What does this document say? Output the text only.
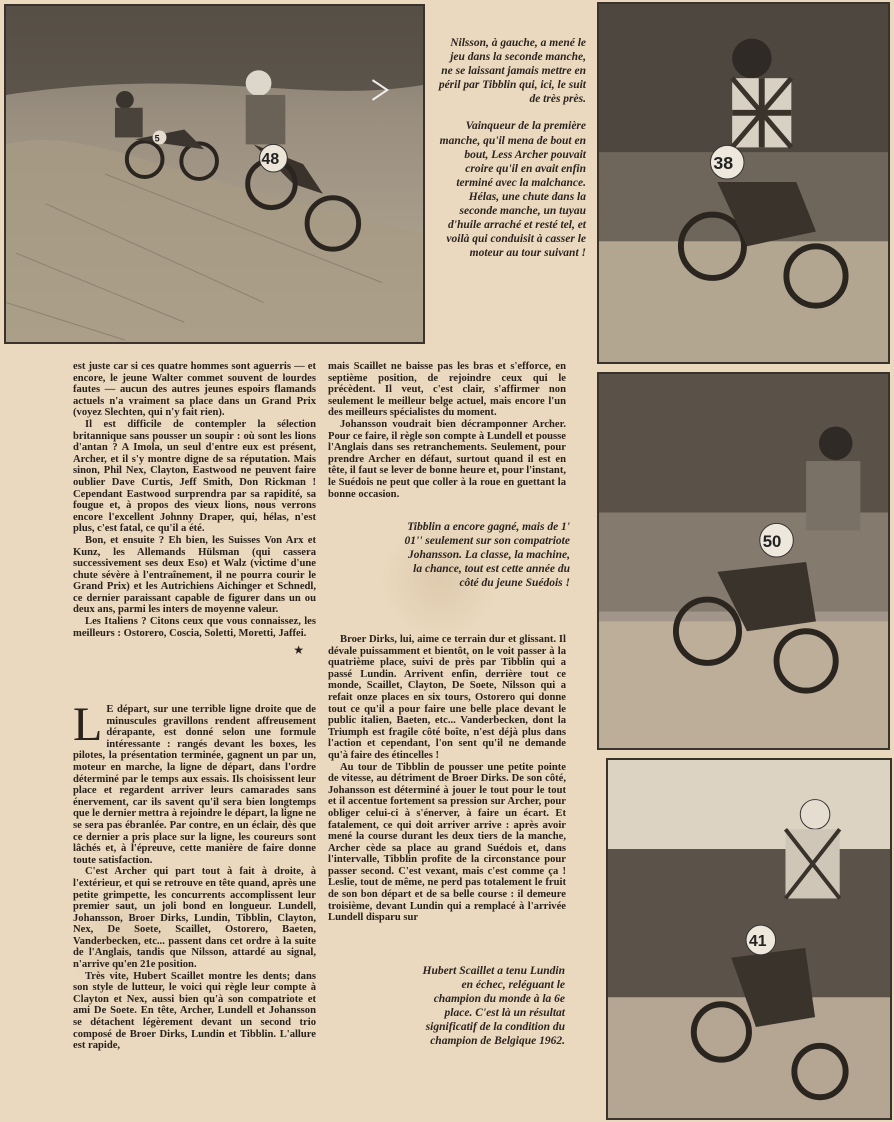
5
48

Nilsson, à gauche, a mené le jeu dans la seconde manche, ne se laissant jamais mettre en péril par Tibblin qui, ici, le suit de très près.

Vainqueur de la première manche, qu'il mena de bout en bout, Less Archer pouvait croire qu'il en avait enfin terminé avec la malchance. Hélas, une chute dans la seconde manche, un tuyau d'huile arraché et resté tel, et voilà qui conduisit à casser le moteur au tour suivant !

38
50
41

est juste car si ces quatre hommes sont aguerris — et encore, le jeune Walter commet souvent de lourdes fautes — aucun des autres jeunes espoirs flamands actuels n'a vraiment sa place dans un Grand Prix (voyez Slechten, qui n'y fait rien).

Il est difficile de contempler la sélection britannique sans pousser un soupir : où sont les lions d'antan ? A Imola, un seul d'entre eux est présent, Archer, et il s'y montre digne de sa réputation. Mais sinon, Phil Nex, Clayton, Eastwood ne peuvent faire oublier Dave Curtis, Jeff Smith, Don Rickman ! Cependant Eastwood surprendra par sa rapidité, sa fougue et, à propos des vieux lions, nous verrons encore l'excellent Johnny Draper, qui, hélas, n'est plus, c'est fatal, ce qu'il a été.

Bon, et ensuite ? Eh bien, les Suisses Von Arx et Kunz, les Allemands Hülsman (qui cassera successivement ses deux Eso) et Walz (victime d'une chute sévère à l'entraînement, il ne pourra courir le Grand Prix) et les Autrichiens Aichinger et Schnedl, ce dernier paraissant capable de figurer dans un ou deux ans, parmi les inters de moyenne valeur.

Les Italiens ? Citons ceux que vous connaissez, les meilleurs : Ostorero, Coscia, Soletti, Moretti, Jaffei.

★

L E départ, sur une terrible ligne droite que de minuscules gravillons rendent affreusement dérapante, est donné selon une formule intéressante : rangés devant les boxes, les pilotes, la présentation terminée, gagnent un par un, moteur en marche, la ligne de départ, dans l'ordre déterminé par le temps aux essais. Ils choisissent leur place et regardent arriver leurs camarades sans énervement, car ils savent qu'il sera bien longtemps que le dernier mettra à rejoindre le départ, la ligne ne se sera pas ébranlée. Par contre, en un éclair, dès que ce dernier a pris place sur la ligne, les coureurs sont lâchés et, à l'épreuve, cette manière de faire donne toute satisfaction.

C'est Archer qui part tout à fait à droite, à l'extérieur, et qui se retrouve en tête quand, après une petite grimpette, les concurrents accomplissent leur premier saut, un joli bond en longueur. Lundell, Johansson, Broer Dirks, Lundin, Tibblin, Clayton, Nex, De Soete, Scaillet, Ostorero, Baeten, Vanderbecken, etc... passent dans cet ordre à la suite de l'Anglais, tandis que Nilsson, attardé au signal, n'arrive qu'en 21e position.

Très vite, Hubert Scaillet montre les dents; dans son style de lutteur, le voici qui règle leur compte à Clayton et Nex, aussi bien qu'à son compatriote et ami De Soete. En tête, Archer, Lundell et Johansson se détachent légèrement devant un second trio composé de Broer Dirks, Lundin et Tibblin. L'allure est rapide,

mais Scaillet ne baisse pas les bras et s'efforce, en septième position, de rejoindre ceux qui le précèdent. Il veut, c'est clair, s'affirmer non seulement le meilleur belge actuel, mais encore l'un des meilleurs spécialistes du moment.

Johansson voudrait bien décramponner Archer. Pour ce faire, il règle son compte à Lundell et pousse l'Anglais dans ses retranchements. Seulement, pour prendre Archer en défaut, surtout quand il est en tête, il faut se lever de bonne heure et, pour l'instant, le Suédois ne peut que coller à la roue en guettant la bonne occasion.

Tibblin a encore gagné, mais de 1' 01'' seulement sur son compatriote Johansson. La classe, la machine, la chance, tout est cette année du côté du jeune Suédois !

Broer Dirks, lui, aime ce terrain dur et glissant. Il dévale puissamment et bientôt, on le voit passer à la quatrième place, suivi de près par Tibblin qui a passé Lundin. Arrivent enfin, derrière tout ce monde, Scaillet, Clayton, De Soete, Nilsson qui a refait onze places en six tours, Ostorero qui donne tout ce qu'il a pour faire une belle place devant le public italien, Baeten, etc... Vanderbecken, dont la Triumph est fragile côté boîte, n'est déjà plus dans l'action et cependant, l'on sent qu'il ne demande qu'à faire des étincelles !

Au tour de Tibblin de pousser une petite pointe de vitesse, au détriment de Broer Dirks. De son côté, Johansson est déterminé à jouer le tout pour le tout et il accentue fortement sa pression sur Archer, pour obliger celui-ci à s'énerver, à faire un écart. Et fatalement, ce qui doit arriver arrive : après avoir mené la course durant les deux tiers de la manche, Archer cède sa place au grand Suédois et, dans l'intervalle, Tibblin profite de la circonstance pour passer second. C'est vexant, mais c'est comme ça ! Leslie, tout de même, ne perd pas totalement le fruit de son bon départ et de sa belle course : il demeure troisième, devant Lundin qui a remplacé à l'arrivée Lundell disparu sur

Hubert Scaillet a tenu Lundin en échec, reléguant le champion du monde à la 6e place. C'est là un résultat significatif de la condition du champion de Belgique 1962.
